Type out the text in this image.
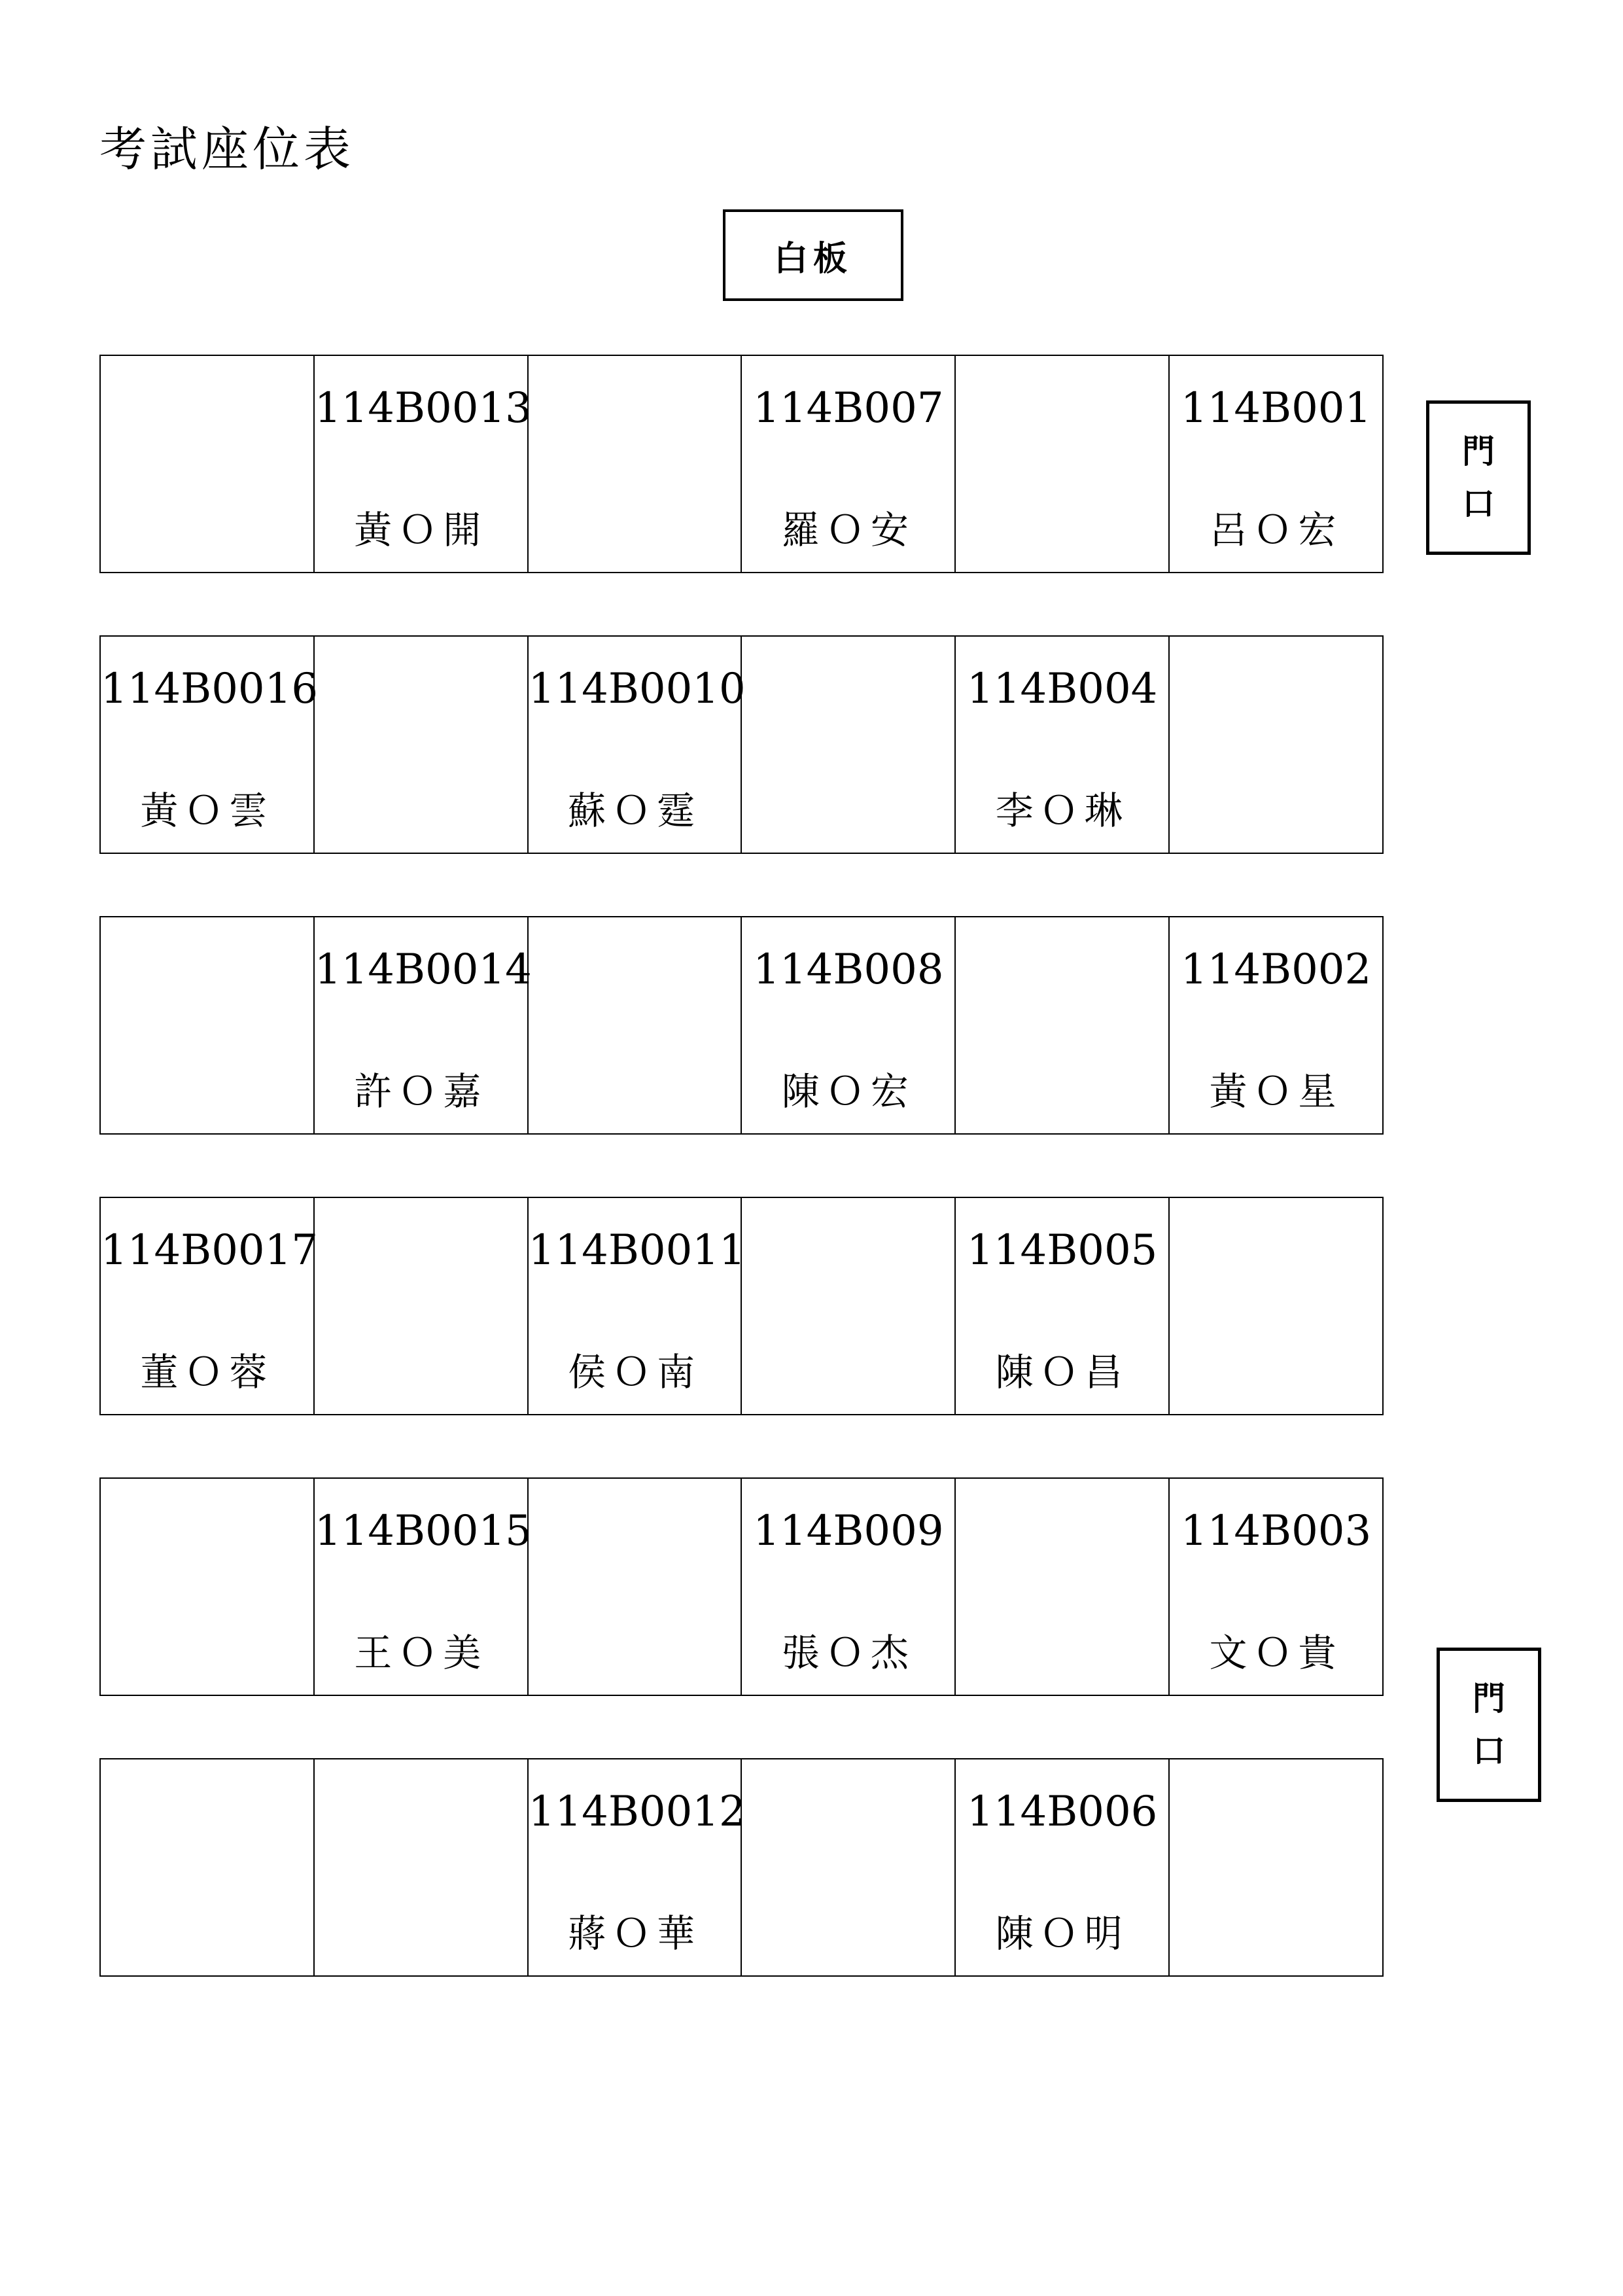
考試座位表
白板
門
口
門
口
114B0013
黃Ｏ開
114B007
羅Ｏ安
114B001
呂Ｏ宏
114B0016
黃Ｏ雲
114B0010
蘇Ｏ霆
114B004
李Ｏ琳
114B0014
許Ｏ嘉
114B008
陳Ｏ宏
114B002
黃Ｏ星
114B0017
董Ｏ蓉
114B0011
侯Ｏ南
114B005
陳Ｏ昌
114B0015
王Ｏ美
114B009
張Ｏ杰
114B003
文Ｏ貴
114B0012
蔣Ｏ華
114B006
陳Ｏ明
